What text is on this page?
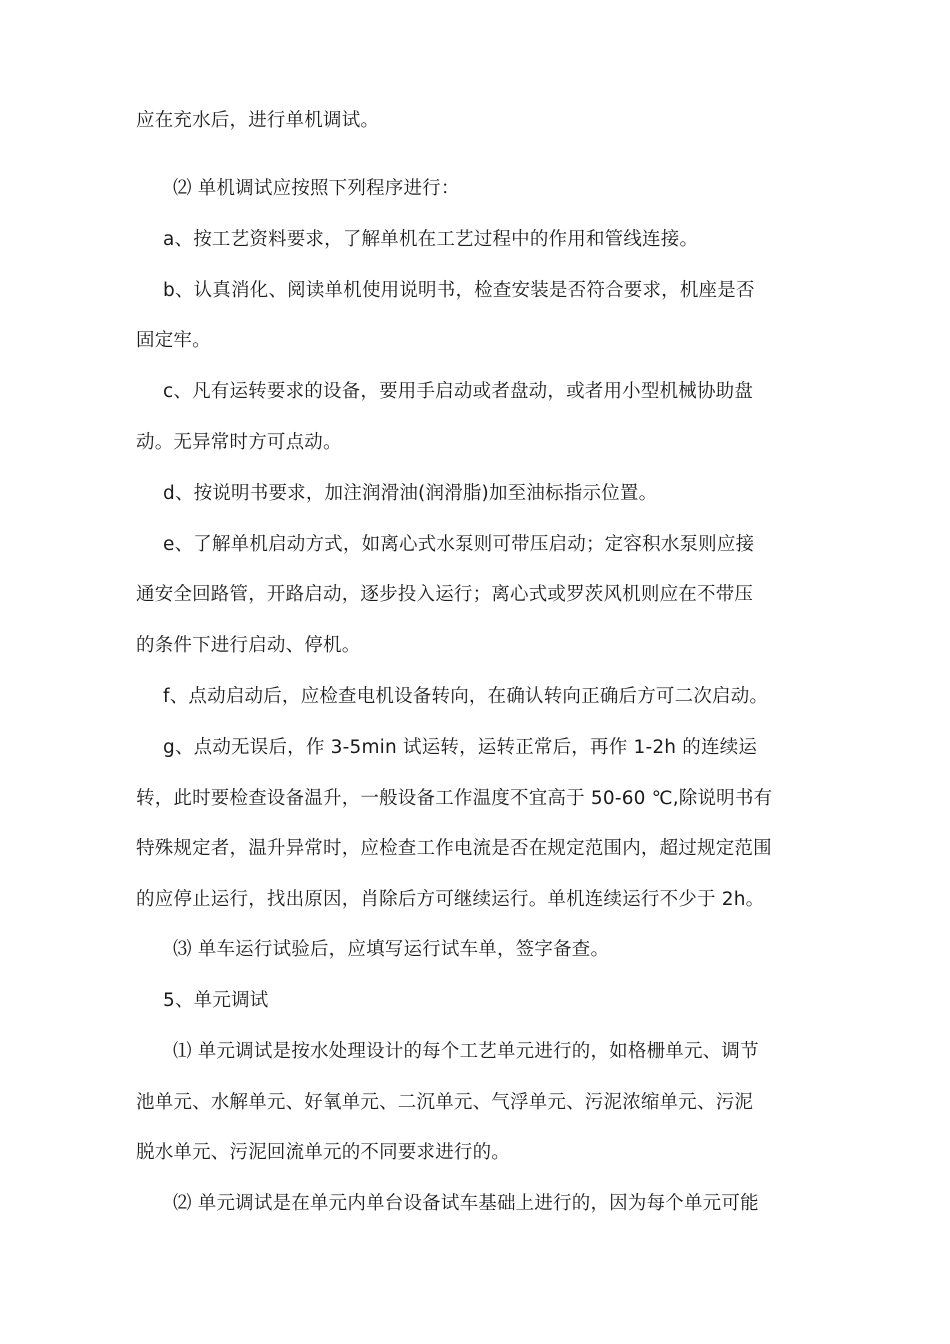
应在充水后，进行单机调试。
⑵ 单机调试应按照下列程序进行：
a、按工艺资料要求，了解单机在工艺过程中的作用和管线连接。
b、认真消化、阅读单机使用说明书，检查安装是否符合要求，机座是否
固定牢。
c、凡有运转要求的设备，要用手启动或者盘动，或者用小型机械协助盘
动。无异常时方可点动。
d、按说明书要求，加注润滑油(润滑脂)加至油标指示位置。
e、了解单机启动方式，如离心式水泵则可带压启动；定容积水泵则应接
通安全回路管，开路启动，逐步投入运行；离心式或罗茨风机则应在不带压
的条件下进行启动、停机。
f、点动启动后，应检查电机设备转向，在确认转向正确后方可二次启动。
g、点动无误后，作 3-5min 试运转，运转正常后，再作 1-2h 的连续运
转，此时要检查设备温升，一般设备工作温度不宜高于 50-60 ℃,除说明书有
特殊规定者，温升异常时，应检查工作电流是否在规定范围内，超过规定范围
的应停止运行，找出原因，肖除后方可继续运行。单机连续运行不少于 2h。
⑶ 单车运行试验后，应填写运行试车单，签字备查。
5、单元调试
⑴ 单元调试是按水处理设计的每个工艺单元进行的，如格栅单元、调节
池单元、水解单元、好氧单元、二沉单元、气浮单元、污泥浓缩单元、污泥
脱水单元、污泥回流单元的不同要求进行的。
⑵ 单元调试是在单元内单台设备试车基础上进行的，因为每个单元可能
